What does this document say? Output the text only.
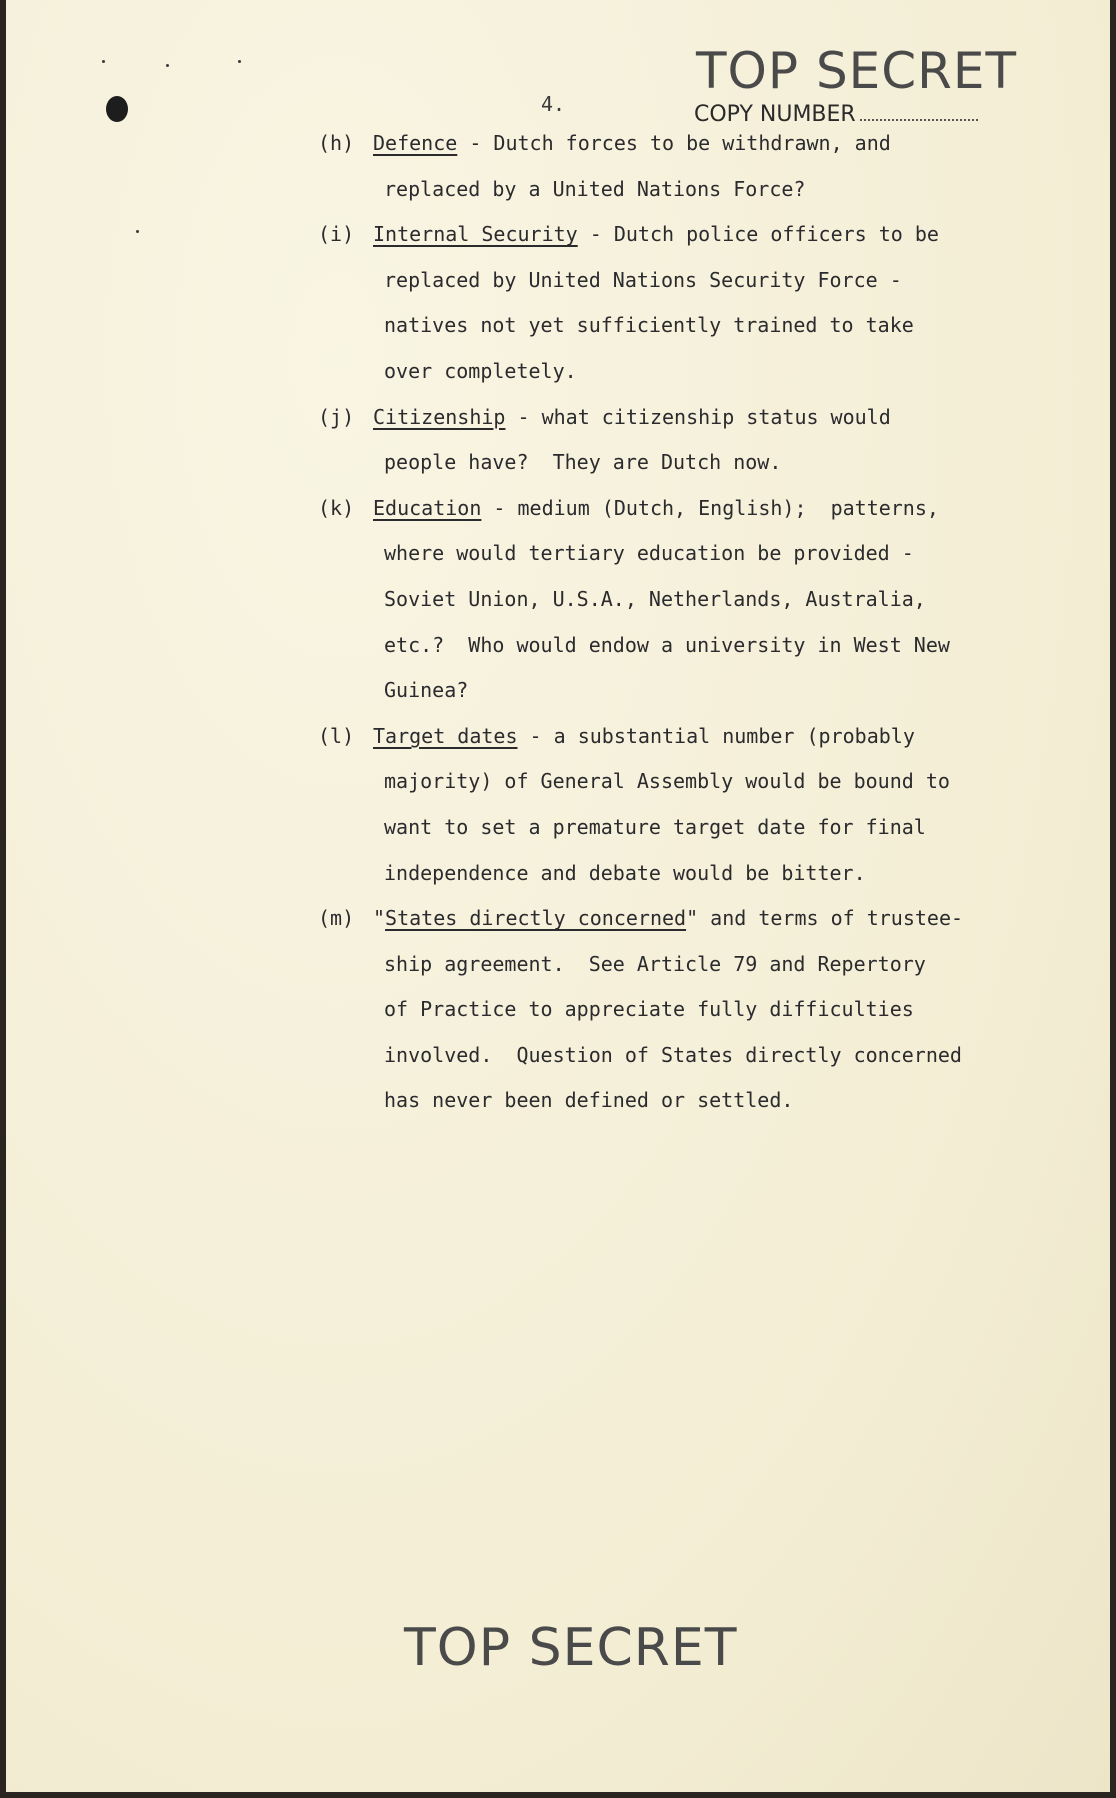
TOP SECRET
4.	COPY NUMBER
(h) Defence - Dutch forces to be withdrawn, and
replaced by a United Nations Force?
(i) Internal Security - Dutch police officers to be
replaced by United Nations Security Force -
natives not yet sufficiently trained to take
over completely.
(j) Citizenship - what citizenship status would
people have?  They are Dutch now.
(k) Education - medium (Dutch, English);  patterns,
where would tertiary education be provided -
Soviet Union, U.S.A., Netherlands, Australia,
etc.?  Who would endow a university in West New
Guinea?
(l) Target dates - a substantial number (probably
majority) of General Assembly would be bound to
want to set a premature target date for final
independence and debate would be bitter.
(m) "States directly concerned" and terms of trustee-
ship agreement.  See Article 79 and Repertory
of Practice to appreciate fully difficulties
involved.  Question of States directly concerned
has never been defined or settled.
TOP SECRET
